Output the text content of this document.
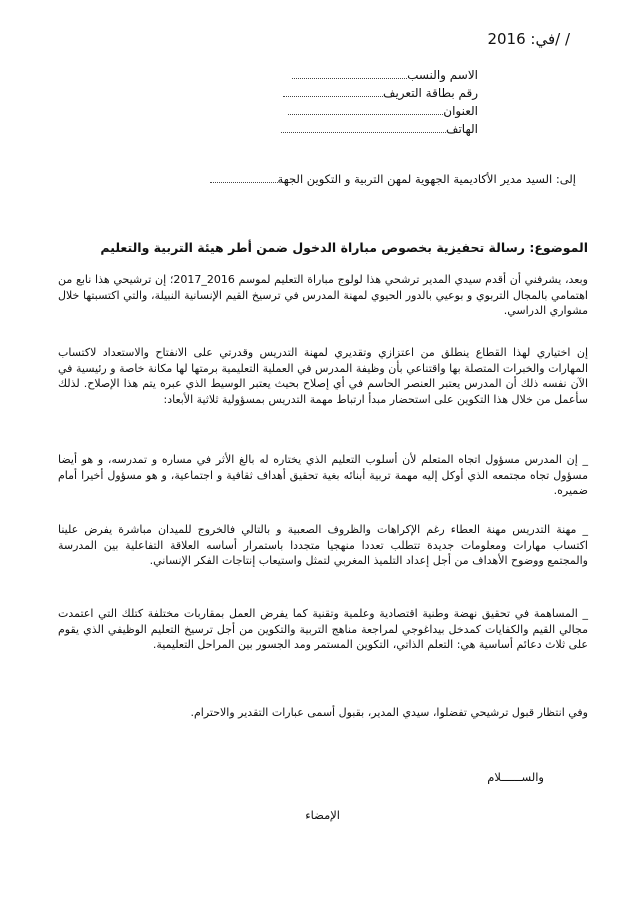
/ /في: 2016
الاسم والنسب
رقم بطاقة التعريف
العنوان
الهاتف
إلى: السيد مدير الأكاديمية الجهوية لمهن التربية و التكوين الجهة
الموضوع: رسالة تحفيزية بخصوص مباراة الدخول ضمن أطر هيئة التربية والتعليم
وبعد، يشرفني أن أقدم سيدي المدير ترشحي هذا لولوج مباراة التعليم لموسم 2016_2017؛ إن ترشيحي هذا نابع من اهتمامي بالمجال التربوي و بوعيي بالدور الحيوي لمهنة المدرس في ترسيخ القيم الإنسانية النبيلة، والتي اكتسبتها خلال مشواري الدراسي.
إن اختياري لهذا القطاع ينطلق من اعتزازي وتقديري لمهنة التدريس وقدرتي على الانفتاح والاستعداد لاكتساب المهارات والخبرات المتصلة بها واقتناعي بأن وظيفة المدرس في العملية التعليمية برمتها لها مكانة خاصة و رئيسية في الآن نفسه ذلك أن المدرس يعتبر العنصر الحاسم في أي إصلاح بحيث يعتبر الوسيط الذي عبره يتم هذا الإصلاح. لذلك سأعمل من خلال هذا التكوين على استحضار مبدأ ارتباط مهمة التدريس بمسؤولية ثلاثية الأبعاد:
_ إن المدرس مسؤول اتجاه المتعلم لأن أسلوب التعليم الذي يختاره له بالغ الأثر في مساره و تمدرسه، و هو أيضا مسؤول تجاه مجتمعه الذي أوكل إليه مهمة تربية أبنائه بغية تحقيق أهداف ثقافية و اجتماعية، و هو مسؤول أخيرا أمام ضميره.
_ مهنة التدريس مهنة العطاء رغم الإكراهات والظروف الصعبية و بالتالي فالخروج للميدان مباشرة يفرض علينا اكتساب مهارات ومعلومات جديدة تتطلب تعددا منهجيا متجددا باستمرار أساسه العلاقة التفاعلية بين المدرسة والمجتمع ووضوح الأهداف من أجل إعداد التلميذ المغربي لتمثل واستيعاب إنتاجات الفكر الإنساني.
_ المساهمة في تحقيق نهضة وطنية اقتصادية وعلمية وتقنية كما يفرض العمل بمقاربات مختلفة كتلك التي اعتمدت مجالي القيم والكفايات كمدخل بيداغوجي لمراجعة مناهج التربية والتكوين من أجل ترسيخ التعليم الوظيفي الذي يقوم على ثلاث دعائم أساسية هي: التعلم الذاتي، التكوين المستمر ومد الجسور بين المراحل التعليمية.
وفي انتظار قبول ترشيحي تفضلوا، سيدي المدير، بقبول أسمى عبارات التقدير والاحترام.
والســــــلام
الإمضاء
